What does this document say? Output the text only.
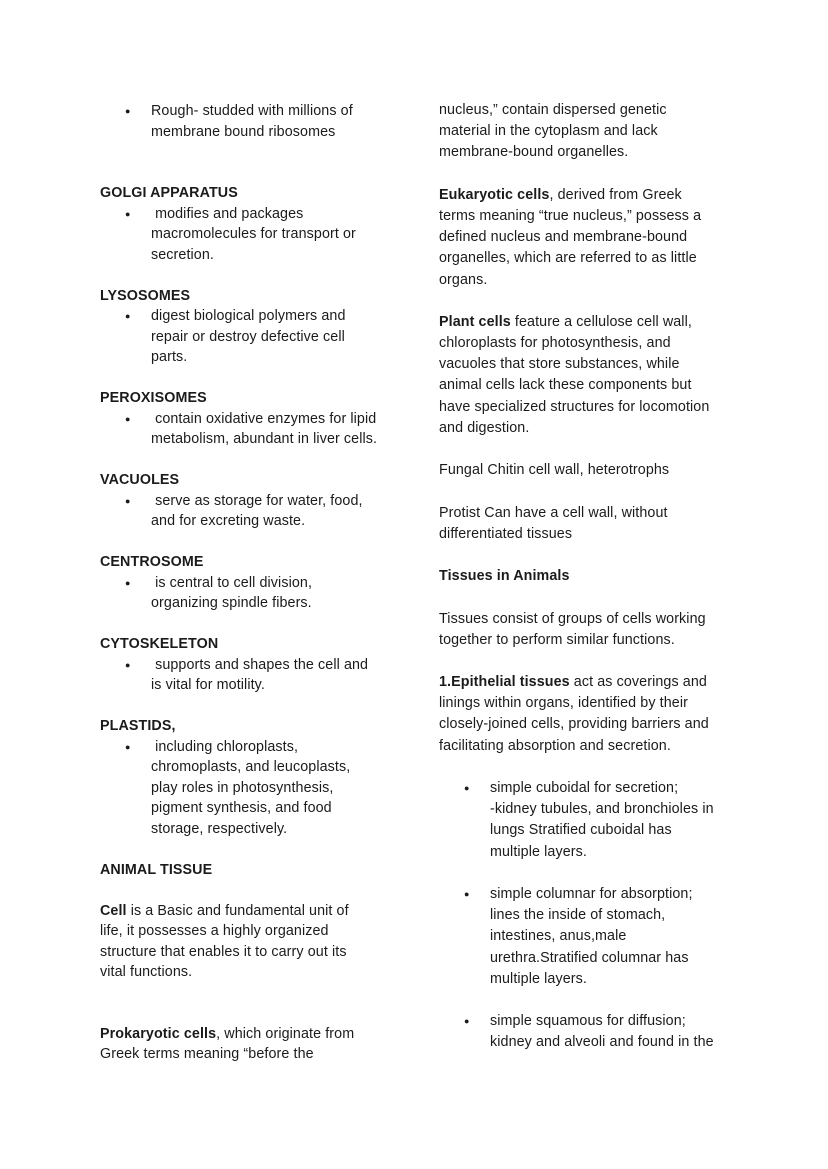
●	Rough- studded with millions of
membrane bound ribosomes
GOLGI APPARATUS
●	modifies and packages
macromolecules for transport or
secretion.
LYSOSOMES
●	digest biological polymers and
repair or destroy defective cell
parts.
PEROXISOMES
●	contain oxidative enzymes for lipid
metabolism, abundant in liver cells.
VACUOLES
●	serve as storage for water, food,
and for excreting waste.
CENTROSOME
●	is central to cell division,
organizing spindle fibers.
CYTOSKELETON
●	supports and shapes the cell and
is vital for motility.
PLASTIDS,
●	including chloroplasts,
chromoplasts, and leucoplasts,
play roles in photosynthesis,
pigment synthesis, and food
storage, respectively.
ANIMAL TISSUE
Cell is a Basic and fundamental unit of
life, it possesses a highly organized
structure that enables it to carry out its
vital functions.
Prokaryotic cells, which originate from
Greek terms meaning “before the
nucleus,” contain dispersed genetic
material in the cytoplasm and lack
membrane-bound organelles.
Eukaryotic cells, derived from Greek
terms meaning “true nucleus,” possess a
defined nucleus and membrane-bound
organelles, which are referred to as little
organs.
Plant cells feature a cellulose cell wall,
chloroplasts for photosynthesis, and
vacuoles that store substances, while
animal cells lack these components but
have specialized structures for locomotion
and digestion.
Fungal Chitin cell wall, heterotrophs
Protist Can have a cell wall, without
differentiated tissues
Tissues in Animals
Tissues consist of groups of cells working
together to perform similar functions.
1.Epithelial tissues act as coverings and
linings within organs, identified by their
closely-joined cells, providing barriers and
facilitating absorption and secretion.
●	simple cuboidal for secretion;
-kidney tubules, and bronchioles in
lungs Stratified cuboidal has
multiple layers.
●	simple columnar for absorption;
lines the inside of stomach,
intestines, anus,male
urethra.Stratified columnar has
multiple layers.
●	simple squamous for diffusion;
kidney and alveoli and found in the
